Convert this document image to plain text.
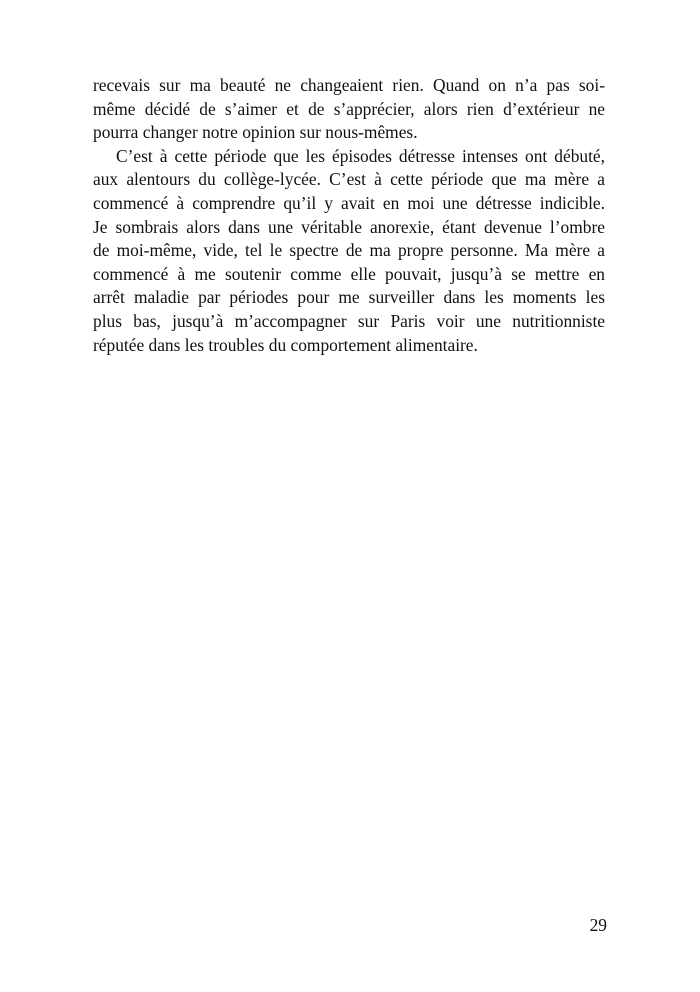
recevais sur ma beauté ne changeaient rien. Quand on n’a pas soi-
même décidé de s’aimer et de s’apprécier, alors rien d’extérieur ne
pourra changer notre opinion sur nous-mêmes.
C’est à cette période que les épisodes détresse intenses ont débuté,
aux alentours du collège-lycée. C’est à cette période que ma mère a
commencé à comprendre qu’il y avait en moi une détresse indicible.
Je sombrais alors dans une véritable anorexie, étant devenue l’ombre
de moi-même, vide, tel le spectre de ma propre personne. Ma mère a
commencé à me soutenir comme elle pouvait, jusqu’à se mettre en
arrêt maladie par périodes pour me surveiller dans les moments les
plus bas, jusqu’à m’accompagner sur Paris voir une nutritionniste
réputée dans les troubles du comportement alimentaire.
29
